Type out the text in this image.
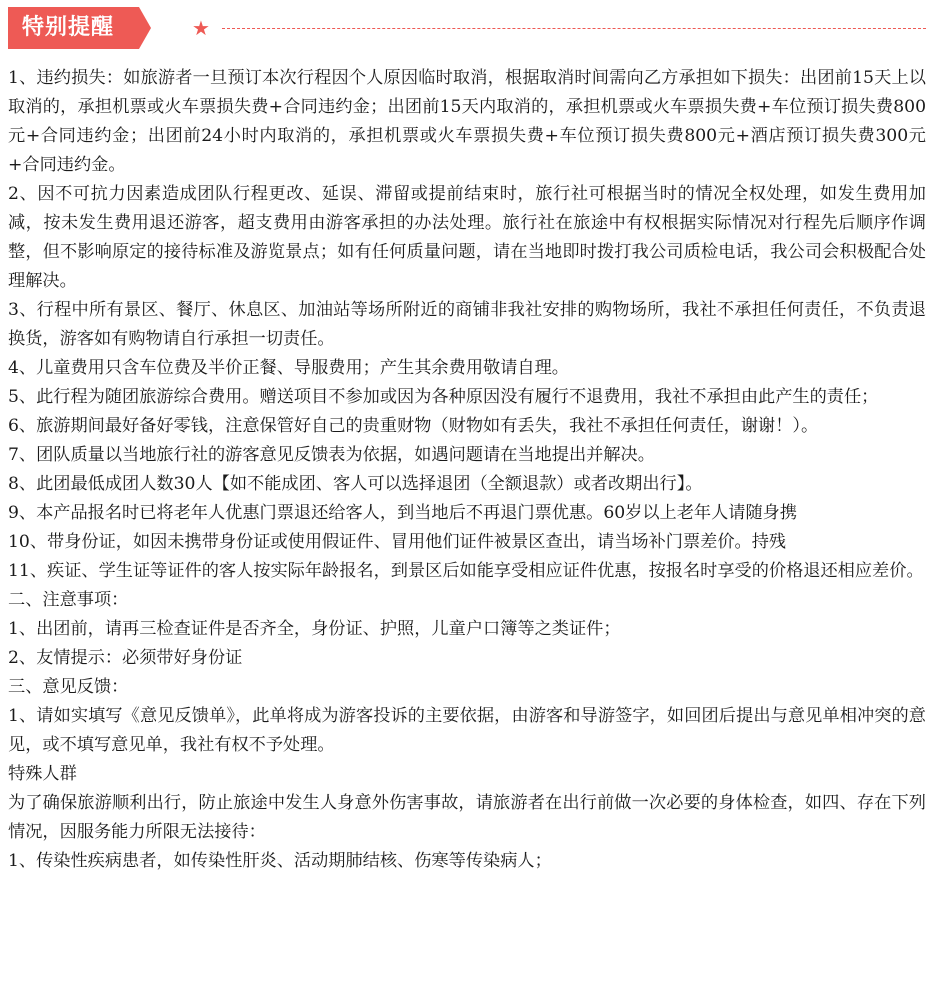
特别提醒	★

1、违约损失：如旅游者一旦预订本次行程因个人原因临时取消，根据取消时间需向乙方承担如下损失：出团前15天上以取消的，承担机票或火车票损失费+合同违约金；出团前15天内取消的，承担机票或火车票损失费+车位预订损失费800元+合同违约金；出团前24小时内取消的，承担机票或火车票损失费+车位预订损失费800元+酒店预订损失费300元+合同违约金。

2、因不可抗力因素造成团队行程更改、延误、滞留或提前结束时，旅行社可根据当时的情况全权处理，如发生费用加减，按未发生费用退还游客，超支费用由游客承担的办法处理。旅行社在旅途中有权根据实际情况对行程先后顺序作调整，但不影响原定的接待标准及游览景点；如有任何质量问题，请在当地即时拨打我公司质检电话，我公司会积极配合处理解决。

3、行程中所有景区、餐厅、休息区、加油站等场所附近的商铺非我社安排的购物场所，我社不承担任何责任，不负责退换货，游客如有购物请自行承担一切责任。

4、儿童费用只含车位费及半价正餐、导服费用；产生其余费用敬请自理。

5、此行程为随团旅游综合费用。赠送项目不参加或因为各种原因没有履行不退费用，我社不承担由此产生的责任；

6、旅游期间最好备好零钱，注意保管好自己的贵重财物（财物如有丢失，我社不承担任何责任，谢谢！）。

7、团队质量以当地旅行社的游客意见反馈表为依据，如遇问题请在当地提出并解决。

8、此团最低成团人数30人【如不能成团、客人可以选择退团（全额退款）或者改期出行】。

9、本产品报名时已将老年人优惠门票退还给客人，到当地后不再退门票优惠。60岁以上老年人请随身携

10、带身份证，如因未携带身份证或使用假证件、冒用他们证件被景区查出，请当场补门票差价。持残

11、疾证、学生证等证件的客人按实际年龄报名，到景区后如能享受相应证件优惠，按报名时享受的价格退还相应差价。

二、注意事项：

1、出团前，请再三检查证件是否齐全，身份证、护照，儿童户口簿等之类证件；

2、友情提示：必须带好身份证

三、意见反馈：

1、请如实填写《意见反馈单》，此单将成为游客投诉的主要依据，由游客和导游签字，如回团后提出与意见单相冲突的意见，或不填写意见单，我社有权不予处理。

特殊人群

为了确保旅游顺利出行，防止旅途中发生人身意外伤害事故，请旅游者在出行前做一次必要的身体检查，如四、存在下列情况，因服务能力所限无法接待：

1、传染性疾病患者，如传染性肝炎、活动期肺结核、伤寒等传染病人；
